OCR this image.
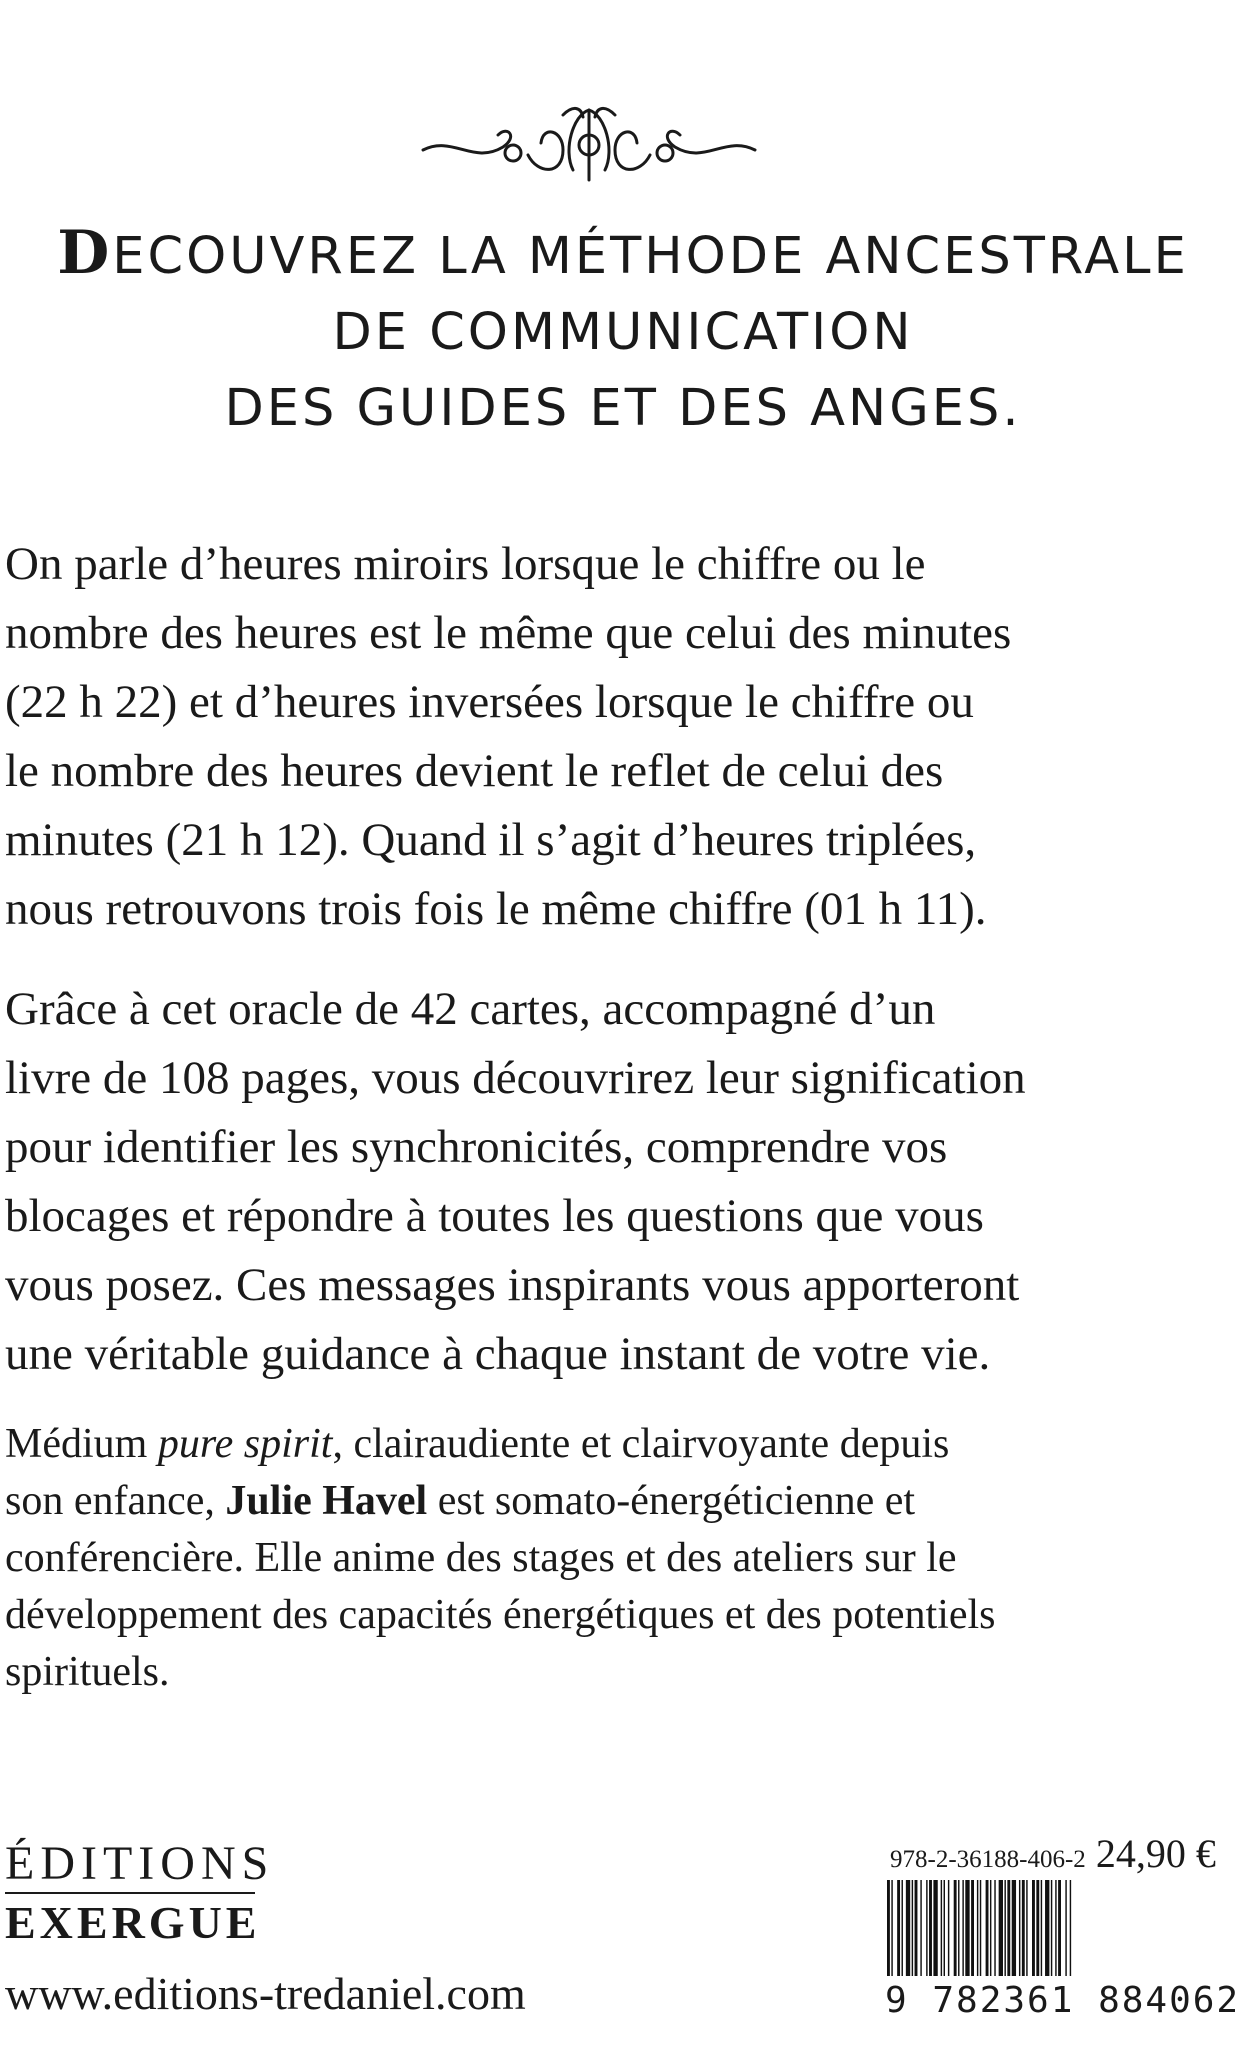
DECOUVREZ LA MÉTHODE ANCESTRALE
DE COMMUNICATION
DES GUIDES ET DES ANGES.
On parle d’heures miroirs lorsque le chiffre ou le
nombre des heures est le même que celui des minutes
(22 h 22) et d’heures inversées lorsque le chiffre ou
le nombre des heures devient le reflet de celui des
minutes (21 h 12). Quand il s’agit d’heures triplées,
nous retrouvons trois fois le même chiffre (01 h 11).
Grâce à cet oracle de 42 cartes, accompagné d’un
livre de 108 pages, vous découvrirez leur signification
pour identifier les synchronicités, comprendre vos
blocages et répondre à toutes les questions que vous
vous posez. Ces messages inspirants vous apporteront
une véritable guidance à chaque instant de votre vie.
Médium pure spirit, clairaudiente et clairvoyante depuis
son enfance, Julie Havel est somato-énergéticienne et
conférencière. Elle anime des stages et des ateliers sur le
développement des capacités énergétiques et des potentiels
spirituels.
ÉDITIONS
EXERGUE
www.editions-tredaniel.com
978-2-36188-406-2 24,90 €
9 782361 884062
